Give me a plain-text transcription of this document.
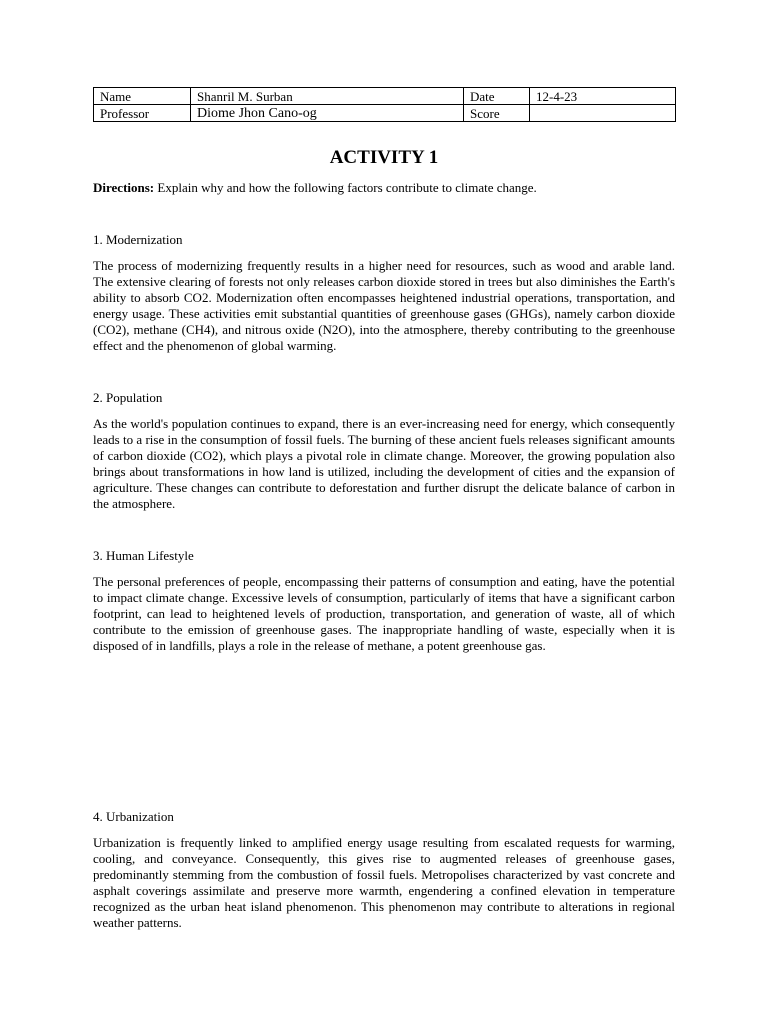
Name	Shanril M. Surban	Date	12-4-23
Professor	Diome Jhon Cano-og	Score	
ACTIVITY 1

Directions: Explain why and how the following factors contribute to climate change.

1. Modernization

The process of modernizing frequently results in a higher need for resources, such as wood and arable land. The extensive clearing of forests not only releases carbon dioxide stored in trees but also diminishes the Earth's ability to absorb CO2. Modernization often encompasses heightened industrial operations, transportation, and energy usage. These activities emit substantial quantities of greenhouse gases (GHGs), namely carbon dioxide (CO2), methane (CH4), and nitrous oxide (N2O), into the atmosphere, thereby contributing to the greenhouse effect and the phenomenon of global warming.

2. Population

As the world's population continues to expand, there is an ever-increasing need for energy, which consequently leads to a rise in the consumption of fossil fuels. The burning of these ancient fuels releases significant amounts of carbon dioxide (CO2), which plays a pivotal role in climate change. Moreover, the growing population also brings about transformations in how land is utilized, including the development of cities and the expansion of agriculture. These changes can contribute to deforestation and further disrupt the delicate balance of carbon in the atmosphere.

3. Human Lifestyle

The personal preferences of people, encompassing their patterns of consumption and eating, have the potential to impact climate change. Excessive levels of consumption, particularly of items that have a significant carbon footprint, can lead to heightened levels of production, transportation, and generation of waste, all of which contribute to the emission of greenhouse gases. The inappropriate handling of waste, especially when it is disposed of in landfills, plays a role in the release of methane, a potent greenhouse gas.

4. Urbanization

Urbanization is frequently linked to amplified energy usage resulting from escalated requests for warming, cooling, and conveyance. Consequently, this gives rise to augmented releases of greenhouse gases, predominantly stemming from the combustion of fossil fuels. Metropolises characterized by vast concrete and asphalt coverings assimilate and preserve more warmth, engendering a confined elevation in temperature recognized as the urban heat island phenomenon. This phenomenon may contribute to alterations in regional weather patterns.
